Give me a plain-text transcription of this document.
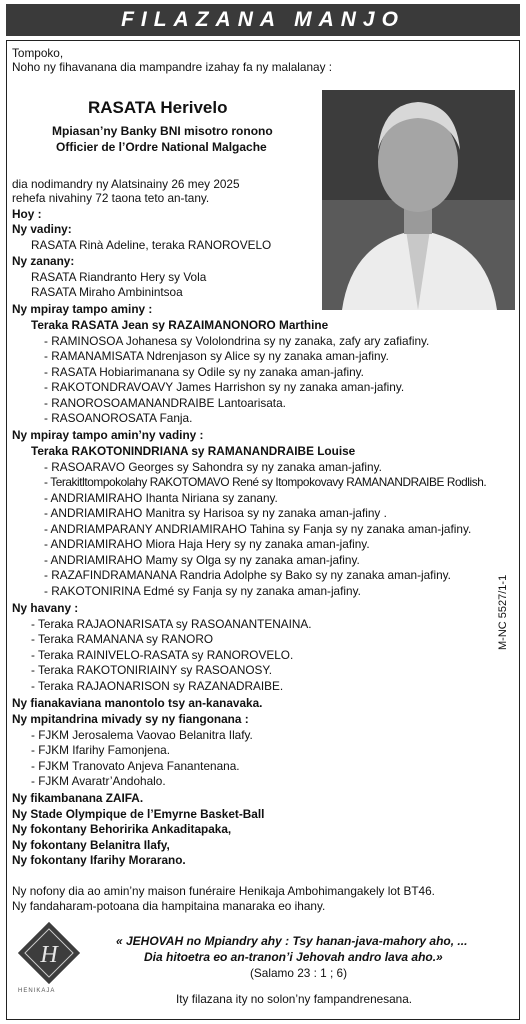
FILAZANA MANJO
Tompoko,
Noho ny fihavanana dia mampandre izahay fa ny malalanay :
RASATA Herivelo
Mpiasan’ny Banky BNI misotro ronono
Officier de l’Ordre National Malgache
dia nodimandry ny Alatsinainy 26 mey 2025
rehefa nivahiny 72 taona teto an-tany.
Hoy :
Ny vadiny:
RASATA Rinà Adeline, teraka RANOROVELO
Ny zanany:
RASATA Riandranto Hery sy Vola
RASATA Miraho Ambinintsoa
Ny mpiray tampo aminy :
Teraka RASATA Jean sy RAZAIMANONORO Marthine
- RAMINOSOA Johanesa sy Vololondrina sy ny zanaka, zafy ary zafiafiny.
- RAMANAMISATA Ndrenjason sy Alice sy ny zanaka aman-jafiny.
- RASATA Hobiarimanana sy Odile sy ny zanaka aman-jafiny.
- RAKOTONDRAVOAVY James Harrishon sy ny zanaka aman-jafiny.
- RANOROSOAMANANDRAIBE Lantoarisata.
- RASOANOROSATA Fanja.
Ny mpiray tampo amin’ny vadiny :
Teraka RAKOTONINDRIANA sy RAMANANDRAIBE Louise
- RASOARAVO Georges sy Sahondra sy ny zanaka aman-jafiny.
- Terakitltompokolahy RAKOTOMAVO René sy Itompokovavy RAMANANDRAIBE Rodlish.
- ANDRIAMIRAHO Ihanta Niriana sy zanany.
- ANDRIAMIRAHO Manitra sy Harisoa sy ny zanaka aman-jafiny .
- ANDRIAMPARANY ANDRIAMIRAHO Tahina sy Fanja sy ny zanaka aman-jafiny.
- ANDRIAMIRAHO Miora Haja Hery sy ny zanaka aman-jafiny.
- ANDRIAMIRAHO Mamy sy Olga sy ny zanaka aman-jafiny.
- RAZAFINDRAMANANA Randria Adolphe sy Bako sy ny zanaka aman-jafiny.
- RAKOTONIRINA Edmé sy Fanja sy ny zanaka aman-jafiny.
Ny havany :
- Teraka RAJAONARISATA sy RASOANANTENAINA.
- Teraka RAMANANA sy RANORO
- Teraka RAINIVELO-RASATA sy RANOROVELO.
- Teraka RAKOTONIRIAINY sy RASOANOSY.
- Teraka RAJAONARISON sy RAZANADRAIBE.
Ny fianakaviana manontolo tsy an-kanavaka.
Ny mpitandrina mivady sy ny fiangonana :
- FJKM Jerosalema Vaovao Belanitra Ilafy.
- FJKM Ifarihy Famonjena.
- FJKM Tranovato Anjeva Fanantenana.
- FJKM Avaratr’Andohalo.
Ny fikambanana ZAIFA.
Ny Stade Olympique de l’Emyrne Basket-Ball
Ny fokontany Behoririka Ankaditapaka,
Ny fokontany Belanitra Ilafy,
Ny fokontany Ifarihy Morarano.
Ny nofony dia ao amin’ny maison funéraire Henikaja Ambohimangakely lot BT46.
Ny fandaharam-potoana dia hampitaina manaraka eo ihany.
M-NC 5527/1-1
H
HENIKAJA
« JEHOVAH no Mpiandry ahy : Tsy hanan-java-mahory aho, ...
Dia hitoetra eo an-tranon’i Jehovah andro lava aho.»
(Salamo 23 : 1 ; 6)
Ity filazana ity no solon’ny fampandrenesana.
